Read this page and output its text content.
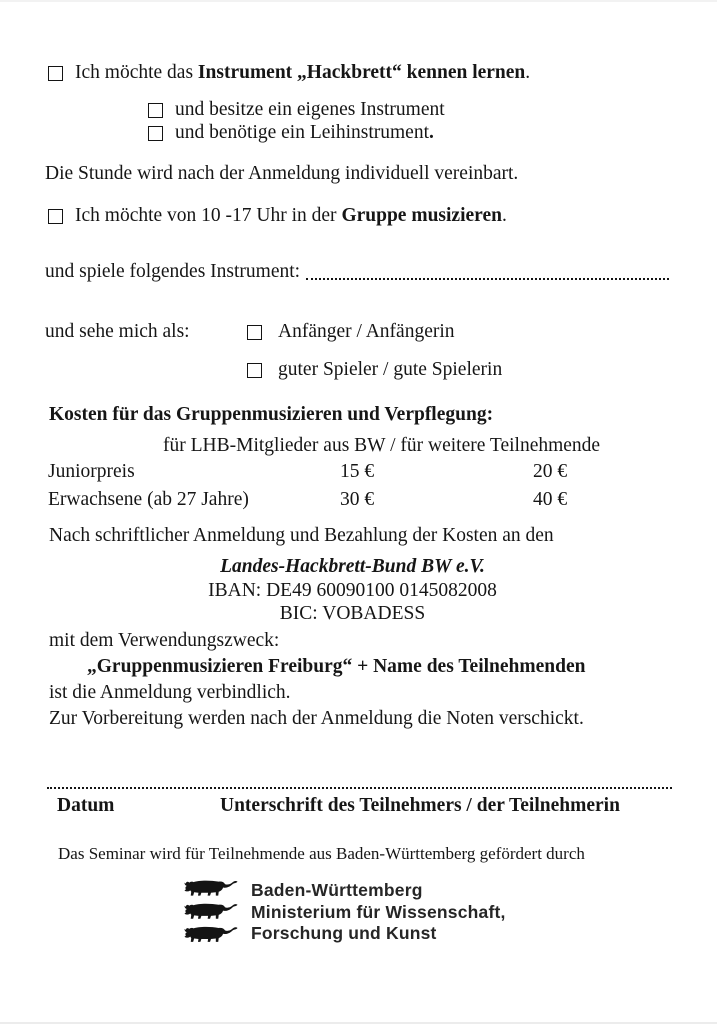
Ich möchte das Instrument „Hackbrett“ kennen lernen.
und besitze ein eigenes Instrument
und benötige ein Leihinstrument.
Die Stunde wird nach der Anmeldung individuell vereinbart.
Ich möchte von 10 -17 Uhr in der Gruppe musizieren.
und spiele folgendes Instrument:
und sehe mich als:	Anfänger / Anfängerin
guter Spieler / gute Spielerin
Kosten für das Gruppenmusizieren und Verpflegung:
für LHB-Mitglieder aus BW / für weitere Teilnehmende
Juniorpreis	15 €	20 €
Erwachsene (ab 27 Jahre)	30 €	40 €
Nach schriftlicher Anmeldung und Bezahlung der Kosten an den
Landes-Hackbrett-Bund BW e.V.
IBAN: DE49 60090100 0145082008
BIC: VOBADESS
mit dem Verwendungszweck:
„Gruppenmusizieren Freiburg“ + Name des Teilnehmenden
ist die Anmeldung verbindlich.
Zur Vorbereitung werden nach der Anmeldung die Noten verschickt.
Datum	Unterschrift des Teilnehmers / der Teilnehmerin
Das Seminar wird für Teilnehmende aus Baden-Württemberg gefördert durch
Baden-Württemberg
Ministerium für Wissenschaft,
Forschung und Kunst
